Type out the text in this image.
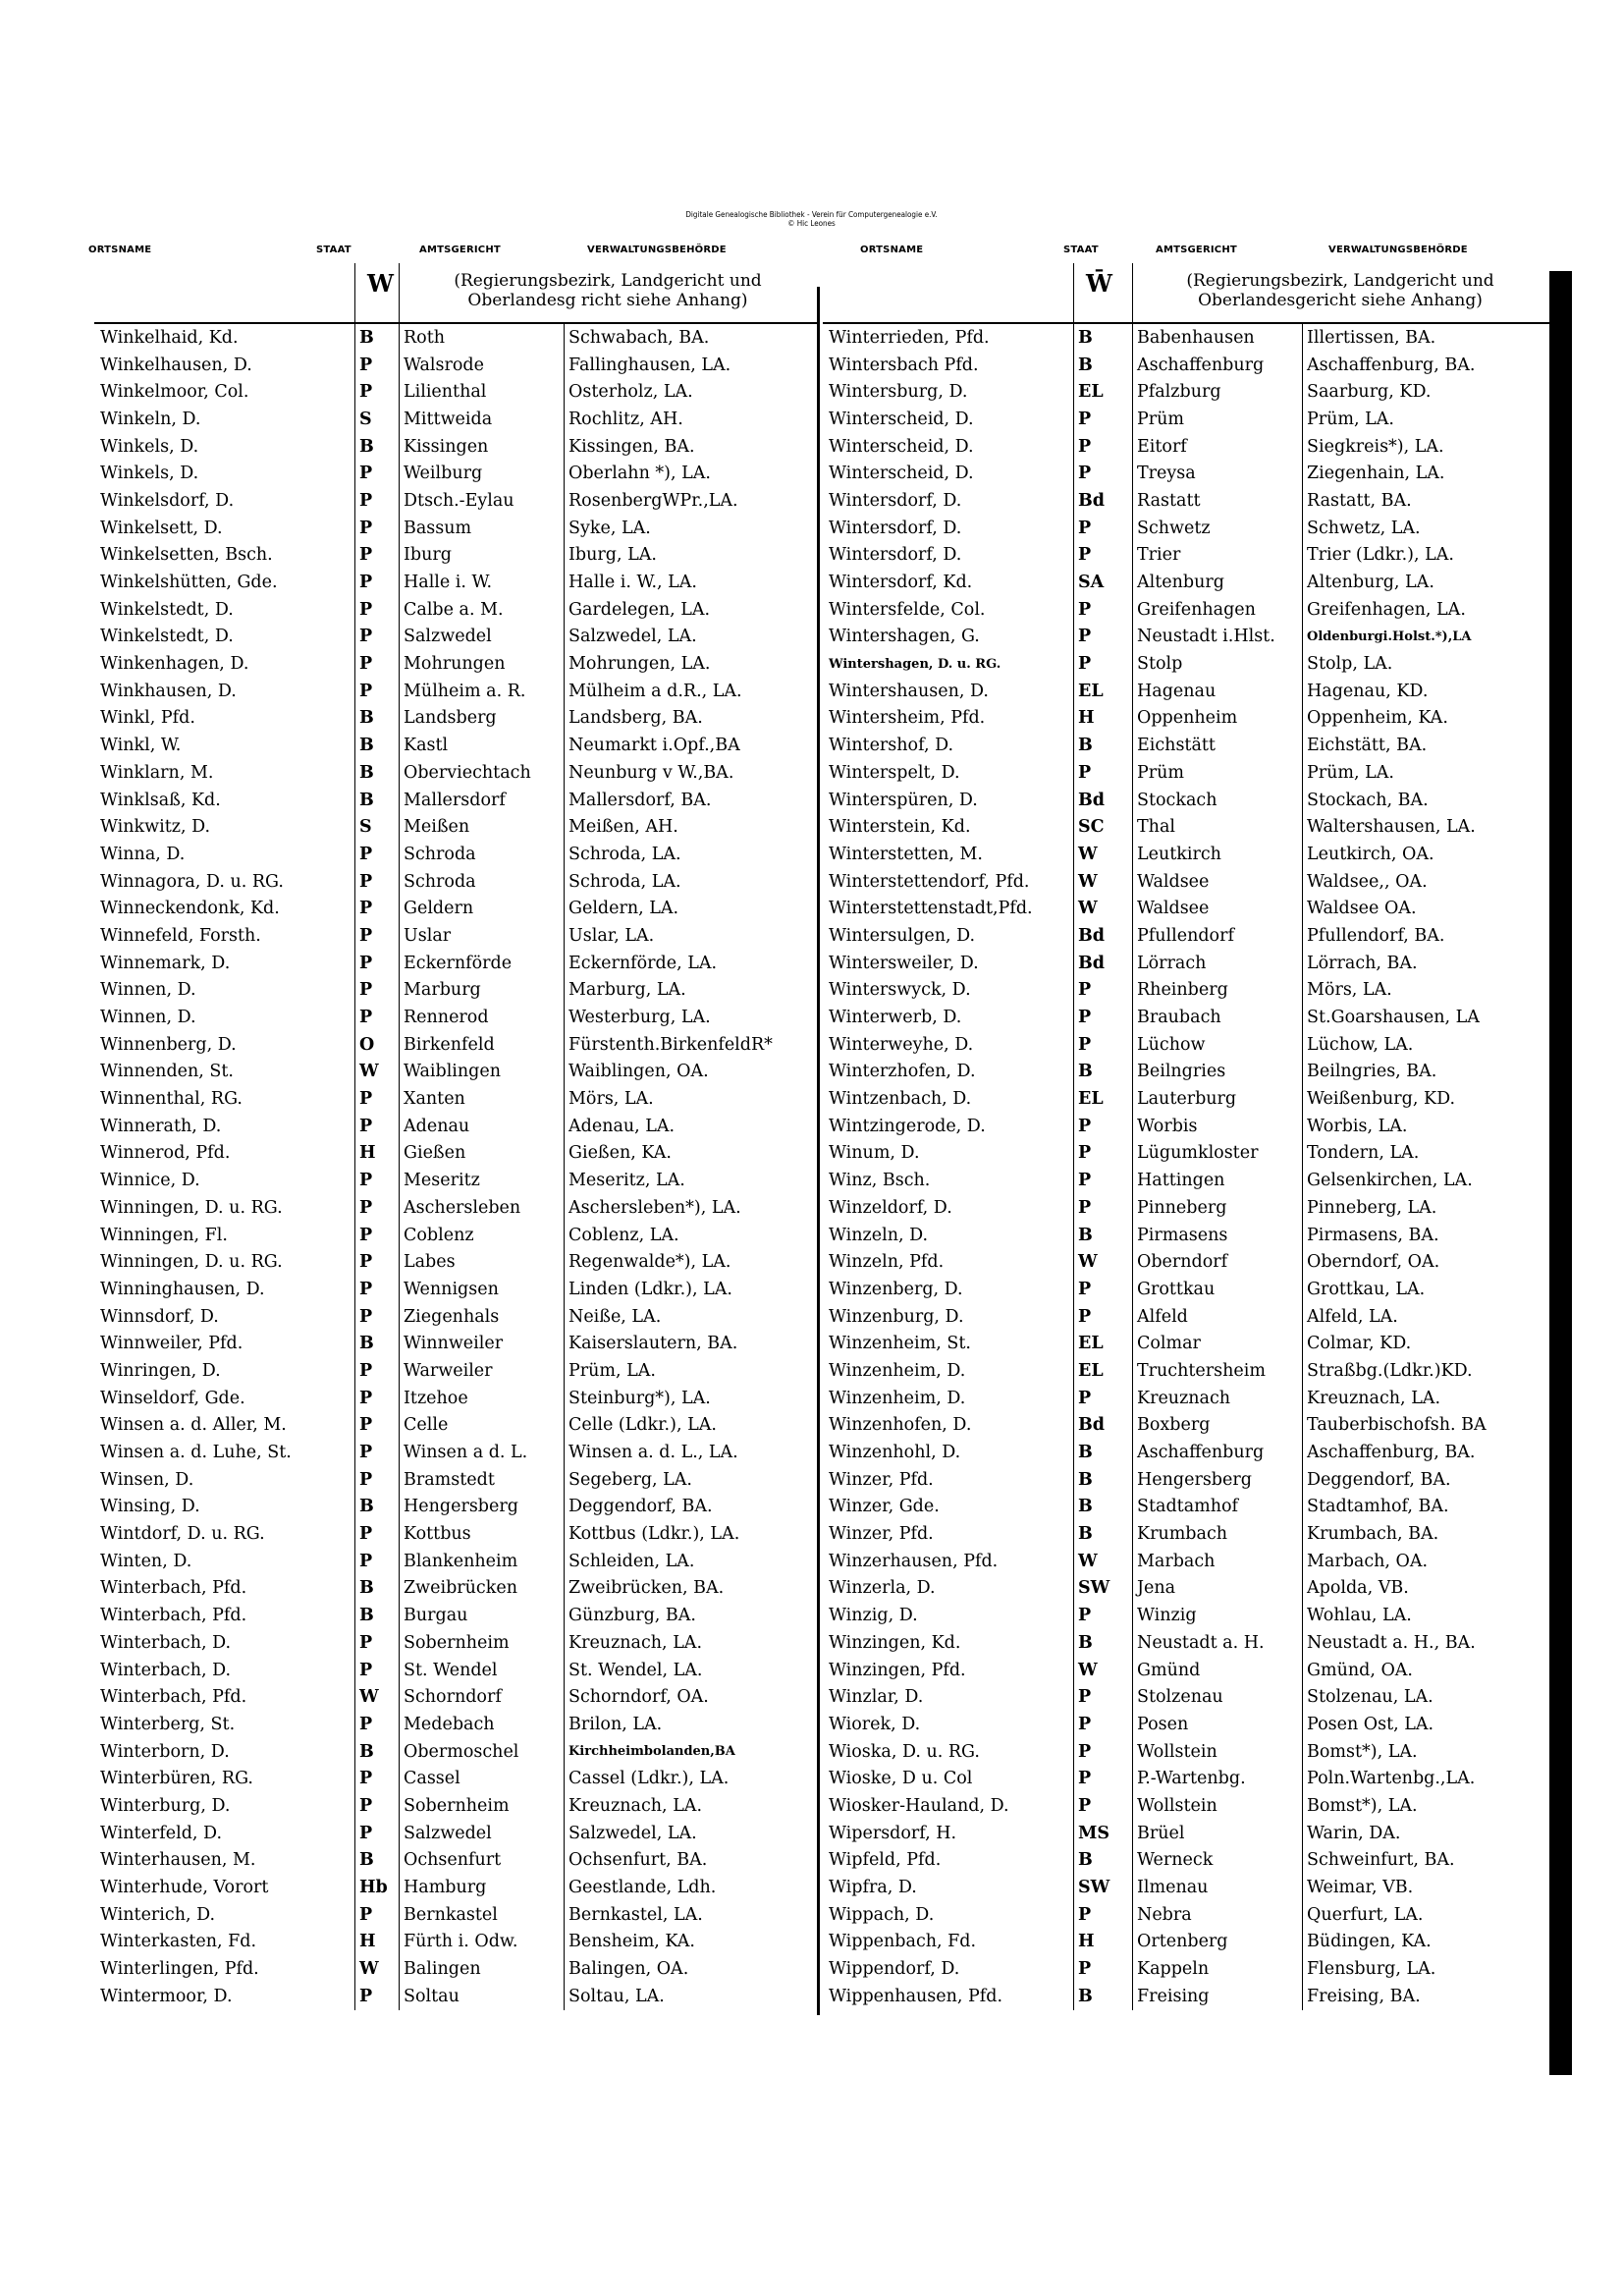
Digitale Genealogische Bibliothek - Verein für Computergenealogie e.V.
© Hic Leones
ORTSNAME	STAAT	AMTSGERICHT	VERWALTUNGSBEHÖRDE	ORTSNAME	STAAT	AMTSGERICHT	VERWALTUNGSBEHÖRDE
W	(Regierungsbezirk, Landgericht und
Oberlandesg richt siehe Anhang)
Winkelhaid, Kd.	B	Roth	Schwabach, BA.
Winkelhausen, D.	P	Walsrode	Fallinghausen, LA.
Winkelmoor, Col.	P	Lilienthal	Osterholz, LA.
Winkeln, D.	S	Mittweida	Rochlitz, AH.
Winkels, D.	B	Kissingen	Kissingen, BA.
Winkels, D.	P	Weilburg	Oberlahn *), LA.
Winkelsdorf, D.	P	Dtsch.-Eylau	RosenbergWPr.,LA.
Winkelsett, D.	P	Bassum	Syke, LA.
Winkelsetten, Bsch.	P	Iburg	Iburg, LA.
Winkelshütten, Gde.	P	Halle i. W.	Halle i. W., LA.
Winkelstedt, D.	P	Calbe a. M.	Gardelegen, LA.
Winkelstedt, D.	P	Salzwedel	Salzwedel, LA.
Winkenhagen, D.	P	Mohrungen	Mohrungen, LA.
Winkhausen, D.	P	Mülheim a. R.	Mülheim a d.R., LA.
Winkl, Pfd.	B	Landsberg	Landsberg, BA.
Winkl, W.	B	Kastl	Neumarkt i.Opf.,BA
Winklarn, M.	B	Oberviechtach	Neunburg v W.,BA.
Winklsaß, Kd.	B	Mallersdorf	Mallersdorf, BA.
Winkwitz, D.	S	Meißen	Meißen, AH.
Winna, D.	P	Schroda	Schroda, LA.
Winnagora, D. u. RG.	P	Schroda	Schroda, LA.
Winneckendonk, Kd.	P	Geldern	Geldern, LA.
Winnefeld, Forsth.	P	Uslar	Uslar, LA.
Winnemark, D.	P	Eckernförde	Eckernförde, LA.
Winnen, D.	P	Marburg	Marburg, LA.
Winnen, D.	P	Rennerod	Westerburg, LA.
Winnenberg, D.	O	Birkenfeld	Fürstenth.BirkenfeldR*
Winnenden, St.	W	Waiblingen	Waiblingen, OA.
Winnenthal, RG.	P	Xanten	Mörs, LA.
Winnerath, D.	P	Adenau	Adenau, LA.
Winnerod, Pfd.	H	Gießen	Gießen, KA.
Winnice, D.	P	Meseritz	Meseritz, LA.
Winningen, D. u. RG.	P	Aschersleben	Aschersleben*), LA.
Winningen, Fl.	P	Coblenz	Coblenz, LA.
Winningen, D. u. RG.	P	Labes	Regenwalde*), LA.
Winninghausen, D.	P	Wennigsen	Linden (Ldkr.), LA.
Winnsdorf, D.	P	Ziegenhals	Neiße, LA.
Winnweiler, Pfd.	B	Winnweiler	Kaiserslautern, BA.
Winringen, D.	P	Warweiler	Prüm, LA.
Winseldorf, Gde.	P	Itzehoe	Steinburg*), LA.
Winsen a. d. Aller, M.	P	Celle	Celle (Ldkr.), LA.
Winsen a. d. Luhe, St.	P	Winsen a d. L.	Winsen a. d. L., LA.
Winsen, D.	P	Bramstedt	Segeberg, LA.
Winsing, D.	B	Hengersberg	Deggendorf, BA.
Wintdorf, D. u. RG.	P	Kottbus	Kottbus (Ldkr.), LA.
Winten, D.	P	Blankenheim	Schleiden, LA.
Winterbach, Pfd.	B	Zweibrücken	Zweibrücken, BA.
Winterbach, Pfd.	B	Burgau	Günzburg, BA.
Winterbach, D.	P	Sobernheim	Kreuznach, LA.
Winterbach, D.	P	St. Wendel	St. Wendel, LA.
Winterbach, Pfd.	W	Schorndorf	Schorndorf, OA.
Winterberg, St.	P	Medebach	Brilon, LA.
Winterborn, D.	B	Obermoschel	Kirchheimbolanden,BA
Winterbüren, RG.	P	Cassel	Cassel (Ldkr.), LA.
Winterburg, D.	P	Sobernheim	Kreuznach, LA.
Winterfeld, D.	P	Salzwedel	Salzwedel, LA.
Winterhausen, M.	B	Ochsenfurt	Ochsenfurt, BA.
Winterhude, Vorort	Hb Hamburg	Geestlande, Ldh.
Winterich, D.	P	Bernkastel	Bernkastel, LA.
Winterkasten, Fd.	H	Fürth i. Odw.	Bensheim, KA.
Winterlingen, Pfd.	W	Balingen	Balingen, OA.
Wintermoor, D.	P	Soltau	Soltau, LA.
W̄	(Regierungsbezirk, Landgericht und
Oberlandesgericht siehe Anhang)
Winterrieden, Pfd.	B	Babenhausen	Illertissen, BA.
Wintersbach Pfd.	B	Aschaffenburg	Aschaffenburg, BA.
Wintersburg, D.	EL	Pfalzburg	Saarburg, KD.
Winterscheid, D.	P	Prüm	Prüm, LA.
Winterscheid, D.	P	Eitorf	Siegkreis*), LA.
Winterscheid, D.	P	Treysa	Ziegenhain, LA.
Wintersdorf, D.	Bd	Rastatt	Rastatt, BA.
Wintersdorf, D.	P	Schwetz	Schwetz, LA.
Wintersdorf, D.	P	Trier	Trier (Ldkr.), LA.
Wintersdorf, Kd.	SA	Altenburg	Altenburg, LA.
Wintersfelde, Col.	P	Greifenhagen	Greifenhagen, LA.
Wintershagen, G.	P	Neustadt i.Hlst.	Oldenburgi.Holst.*),LA
Wintershagen, D. u. RG.	P	Stolp	Stolp, LA.
Wintershausen, D.	EL	Hagenau	Hagenau, KD.
Wintersheim, Pfd.	H	Oppenheim	Oppenheim, KA.
Wintershof, D.	B	Eichstätt	Eichstätt, BA.
Winterspelt, D.	P	Prüm	Prüm, LA.
Winterspüren, D.	Bd	Stockach	Stockach, BA.
Winterstein, Kd.	SC	Thal	Waltershausen, LA.
Winterstetten, M.	W	Leutkirch	Leutkirch, OA.
Winterstettendorf, Pfd.	W	Waldsee	Waldsee,, OA.
Winterstettenstadt,Pfd.	W	Waldsee	Waldsee OA.
Wintersulgen, D.	Bd	Pfullendorf	Pfullendorf, BA.
Wintersweiler, D.	Bd	Lörrach	Lörrach, BA.
Winterswyck, D.	P	Rheinberg	Mörs, LA.
Winterwerb, D.	P	Braubach	St.Goarshausen, LA
Winterweyhe, D.	P	Lüchow	Lüchow, LA.
Winterzhofen, D.	B	Beilngries	Beilngries, BA.
Wintzenbach, D.	EL	Lauterburg	Weißenburg, KD.
Wintzingerode, D.	P	Worbis	Worbis, LA.
Winum, D.	P	Lügumkloster	Tondern, LA.
Winz, Bsch.	P	Hattingen	Gelsenkirchen, LA.
Winzeldorf, D.	P	Pinneberg	Pinneberg, LA.
Winzeln, D.	B	Pirmasens	Pirmasens, BA.
Winzeln, Pfd.	W	Oberndorf	Oberndorf, OA.
Winzenberg, D.	P	Grottkau	Grottkau, LA.
Winzenburg, D.	P	Alfeld	Alfeld, LA.
Winzenheim, St.	EL	Colmar	Colmar, KD.
Winzenheim, D.	EL	Truchtersheim	Straßbg.(Ldkr.)KD.
Winzenheim, D.	P	Kreuznach	Kreuznach, LA.
Winzenhofen, D.	Bd	Boxberg	Tauberbischofsh. BA
Winzenhohl, D.	B	Aschaffenburg	Aschaffenburg, BA.
Winzer, Pfd.	B	Hengersberg	Deggendorf, BA.
Winzer, Gde.	B	Stadtamhof	Stadtamhof, BA.
Winzer, Pfd.	B	Krumbach	Krumbach, BA.
Winzerhausen, Pfd.	W	Marbach	Marbach, OA.
Winzerla, D.	SW	Jena	Apolda, VB.
Winzig, D.	P	Winzig	Wohlau, LA.
Winzingen, Kd.	B	Neustadt a. H.	Neustadt a. H., BA.
Winzingen, Pfd.	W	Gmünd	Gmünd, OA.
Winzlar, D.	P	Stolzenau	Stolzenau, LA.
Wiorek, D.	P	Posen	Posen Ost, LA.
Wioska, D. u. RG.	P	Wollstein	Bomst*), LA.
Wioske, D u. Col	P	P.-Wartenbg.	Poln.Wartenbg.,LA.
Wiosker-Hauland, D.	P	Wollstein	Bomst*), LA.
Wipersdorf, H.	MS	Brüel	Warin, DA.
Wipfeld, Pfd.	B	Werneck	Schweinfurt, BA.
Wipfra, D.	SW	Ilmenau	Weimar, VB.
Wippach, D.	P	Nebra	Querfurt, LA.
Wippenbach, Fd.	H	Ortenberg	Büdingen, KA.
Wippendorf, D.	P	Kappeln	Flensburg, LA.
Wippenhausen, Pfd.	B	Freising	Freising, BA.
